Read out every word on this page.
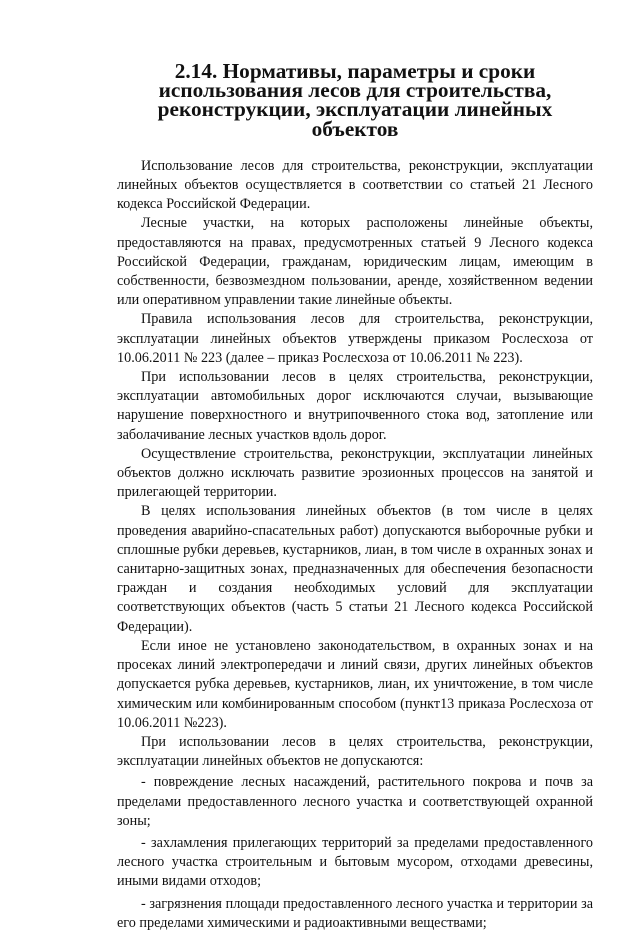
2.14. Нормативы, параметры и сроки использования лесов для строительства, реконструкции, эксплуатации линейных объектов

Использование лесов для строительства, реконструкции, эксплуатации линейных объектов осуществляется в соответствии со статьей 21 Лесного кодекса Российской Федерации.

Лесные участки, на которых расположены линейные объекты, предоставляются на правах, предусмотренных статьей 9 Лесного кодекса Российской Федерации, гражданам, юридическим лицам, имеющим в собственности, безвозмездном пользовании, аренде, хозяйственном ведении или оперативном управлении такие линейные объекты.

Правила использования лесов для строительства, реконструкции, эксплуатации линейных объектов утверждены приказом Рослесхоза от 10.06.2011 № 223 (далее – приказ Рослесхоза от 10.06.2011 № 223).

При использовании лесов в целях строительства, реконструкции, эксплуатации автомобильных дорог исключаются случаи, вызывающие нарушение поверхностного и внутрипочвенного стока вод, затопление или заболачивание лесных участков вдоль дорог.

Осуществление строительства, реконструкции, эксплуатации линейных объектов должно исключать развитие эрозионных процессов на занятой и прилегающей территории.

В целях использования линейных объектов (в том числе в целях проведения аварийно-спасательных работ) допускаются выборочные рубки и сплошные рубки деревьев, кустарников, лиан, в том числе в охранных зонах и санитарно-защитных зонах, предназначенных для обеспечения безопасности граждан и создания необходимых условий для эксплуатации соответствующих объектов (часть 5 статьи 21 Лесного кодекса Российской Федерации).

Если иное не установлено законодательством, в охранных зонах и на просеках линий электропередачи и линий связи, других линейных объектов допускается рубка деревьев, кустарников, лиан, их уничтожение, в том числе химическим или комбинированным способом (пункт13 приказа Рослесхоза от 10.06.2011 №223).

При использовании лесов в целях строительства, реконструкции, эксплуатации линейных объектов не допускаются:

- повреждение лесных насаждений, растительного покрова и почв за пределами предоставленного лесного участка и соответствующей охранной зоны;

- захламления прилегающих территорий за пределами предоставленного лесного участка строительным и бытовым мусором, отходами древесины, иными видами отходов;

- загрязнения площади предоставленного лесного участка и территории за его пределами химическими и радиоактивными веществами;
